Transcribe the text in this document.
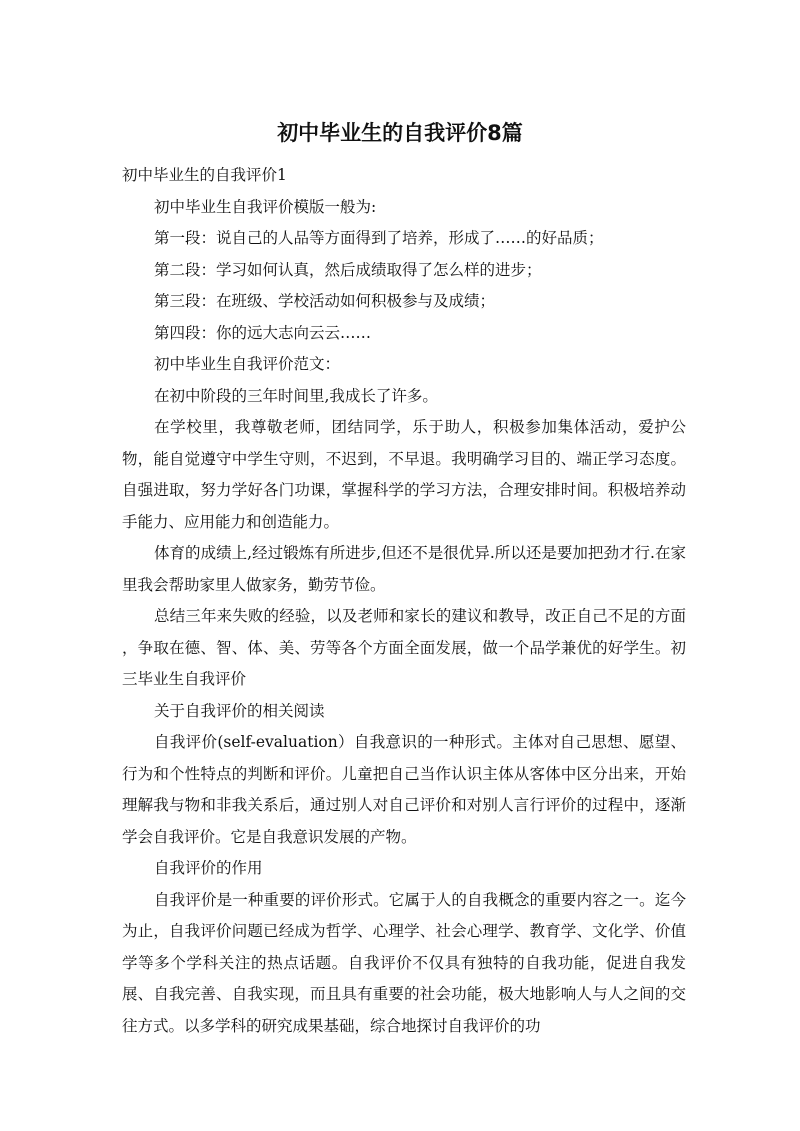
初中毕业生的自我评价8篇

初中毕业生的自我评价1

初中毕业生自我评价模版一般为:

第一段：说自己的人品等方面得到了培养，形成了……的好品质；

第二段：学习如何认真，然后成绩取得了怎么样的进步；

第三段：在班级、学校活动如何积极参与及成绩；

第四段：你的远大志向云云……

初中毕业生自我评价范文：

在初中阶段的三年时间里,我成长了许多。

在学校里，我尊敬老师，团结同学，乐于助人，积极参加集体活动，爱护公物，能自觉遵守中学生守则，不迟到，不早退。我明确学习目的、端正学习态度。自强进取，努力学好各门功课，掌握科学的学习方法，合理安排时间。积极培养动手能力、应用能力和创造能力。

体育的成绩上,经过锻炼有所进步,但还不是很优异.所以还是要加把劲才行.在家里我会帮助家里人做家务，勤劳节俭。

总结三年来失败的经验，以及老师和家长的建议和教导，改正自己不足的方面 ，争取在德、智、体、美、劳等各个方面全面发展，做一个品学兼优的好学生。初三毕业生自我评价

关于自我评价的相关阅读

自我评价(self-evaluation）自我意识的一种形式。主体对自己思想、愿望、行为和个性特点的判断和评价。儿童把自己当作认识主体从客体中区分出来，开始理解我与物和非我关系后，通过别人对自己评价和对别人言行评价的过程中，逐渐学会自我评价。它是自我意识发展的产物。

自我评价的作用

自我评价是一种重要的评价形式。它属于人的自我概念的重要内容之一。迄今为止，自我评价问题已经成为哲学、心理学、社会心理学、教育学、文化学、价值学等多个学科关注的热点话题。自我评价不仅具有独特的自我功能，促进自我发展、自我完善、自我实现，而且具有重要的社会功能，极大地影响人与人之间的交往方式。以多学科的研究成果基础，综合地探讨自我评价的功
